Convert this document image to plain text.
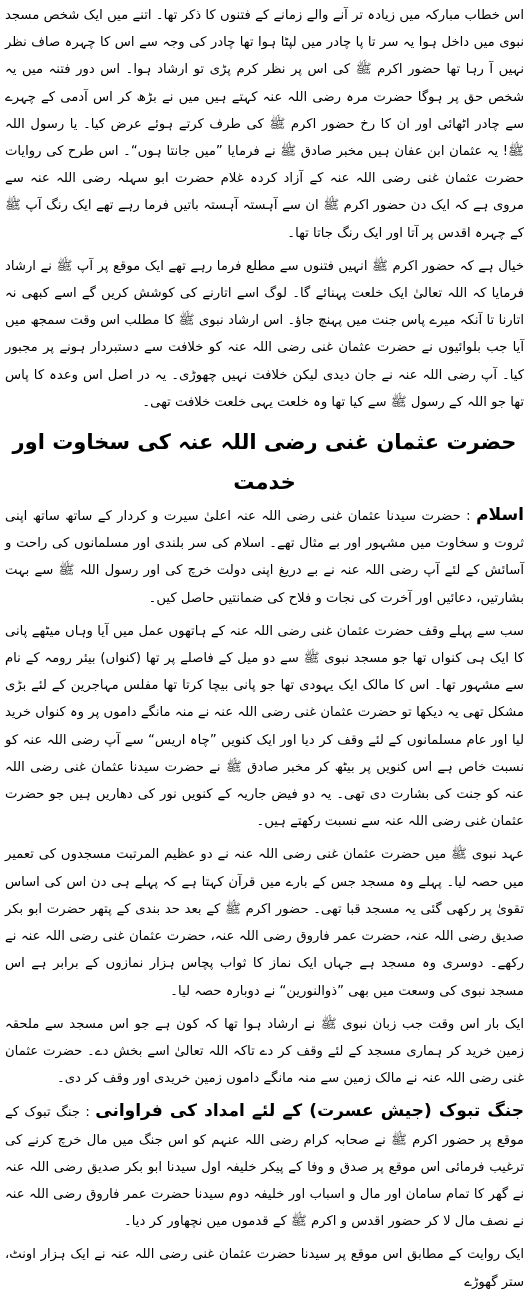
اس خطاب مبارکہ میں زیادہ تر آنے والے زمانے کے فتنوں کا ذکر تھا۔ اتنے میں ایک شخص مسجد نبوی میں داخل ہوا یہ سر تا پا چادر میں لپٹا ہوا تھا چادر کی وجہ سے اس کا چہرہ صاف نظر نہیں آ رہا تھا حضور اکرم ﷺ کی اس پر نظر کرم پڑی تو ارشاد ہوا۔ اس دور فتنہ میں یہ شخص حق پر ہوگا حضرت مرہ رضی اللہ عنہ کہتے ہیں میں نے بڑھ کر اس آدمی کے چہرے سے چادر اٹھائی اور ان کا رخ حضور اکرم ﷺ کی طرف کرتے ہوئے عرض کیا۔ یا رسول اللہ ﷺ! یہ عثمان ابن عفان ہیں مخبر صادق ﷺ نے فرمایا ”میں جانتا ہوں“۔ اس طرح کی روایات حضرت عثمان غنی رضی اللہ عنہ کے آزاد کردہ غلام حضرت ابو سہلہ رضی اللہ عنہ سے مروی ہے کہ ایک دن حضور اکرم ﷺ ان سے آہستہ آہستہ باتیں فرما رہے تھے ایک رنگ آپ ﷺ کے چہرہ اقدس پر آتا اور ایک رنگ جاتا تھا۔

خیال ہے کہ حضور اکرم ﷺ انہیں فتنوں سے مطلع فرما رہے تھے ایک موقع پر آپ ﷺ نے ارشاد فرمایا کہ اللہ تعالیٰ ایک خلعت پہنائے گا۔ لوگ اسے اتارنے کی کوشش کریں گے اسے کبھی نہ اتارنا تا آنکہ میرے پاس جنت میں پہنچ جاؤ۔ اس ارشاد نبوی ﷺ کا مطلب اس وقت سمجھ میں آیا جب بلوائیوں نے حضرت عثمان غنی رضی اللہ عنہ کو خلافت سے دستبردار ہونے پر مجبور کیا۔ آپ رضی اللہ عنہ نے جان دیدی لیکن خلافت نہیں چھوڑی۔ یہ در اصل اس وعدہ کا پاس تھا جو اللہ کے رسول ﷺ سے کیا تھا وہ خلعت یہی خلعت خلافت تھی۔

حضرت عثمان غنی رضی اللہ عنہ کی سخاوت اور خدمت

اسلام : حضرت سیدنا عثمان غنی رضی اللہ عنہ اعلیٰ سیرت و کردار کے ساتھ ساتھ اپنی ثروت و سخاوت میں مشہور اور بے مثال تھے۔ اسلام کی سر بلندی اور مسلمانوں کی راحت و آسائش کے لئے آپ رضی اللہ عنہ نے بے دریغ اپنی دولت خرچ کی اور رسول اللہ ﷺ سے بہت بشارتیں، دعائیں اور آخرت کی نجات و فلاح کی ضمانتیں حاصل کیں۔

سب سے پہلے وقف حضرت عثمان غنی رضی اللہ عنہ کے ہاتھوں عمل میں آیا وہاں میٹھے پانی کا ایک ہی کنواں تھا جو مسجد نبوی ﷺ سے دو میل کے فاصلے پر تھا (کنواں) بیئر رومہ کے نام سے مشہور تھا۔ اس کا مالک ایک یہودی تھا جو پانی بیچا کرتا تھا مفلس مہاجرین کے لئے بڑی مشکل تھی یہ دیکھا تو حضرت عثمان غنی رضی اللہ عنہ نے منہ مانگے داموں پر وہ کنواں خرید لیا اور عام مسلمانوں کے لئے وقف کر دیا اور ایک کنویں ”چاہ اریس“ سے آپ رضی اللہ عنہ کو نسبت خاص ہے اس کنویں پر بیٹھ کر مخبر صادق ﷺ نے حضرت سیدنا عثمان غنی رضی اللہ عنہ کو جنت کی بشارت دی تھی۔ یہ دو فیض جاریہ کے کنویں نور کی دھاریں ہیں جو حضرت عثمان غنی رضی اللہ عنہ سے نسبت رکھتے ہیں۔

عہد نبوی ﷺ میں حضرت عثمان غنی رضی اللہ عنہ نے دو عظیم المرتبت مسجدوں کی تعمیر میں حصہ لیا۔ پہلے وہ مسجد جس کے بارے میں قرآن کہتا ہے کہ پہلے ہی دن اس کی اساس تقویٰ پر رکھی گئی یہ مسجد قبا تھی۔ حضور اکرم ﷺ کے بعد حد بندی کے پتھر حضرت ابو بکر صدیق رضی اللہ عنہ، حضرت عمر فاروق رضی اللہ عنہ، حضرت عثمان غنی رضی اللہ عنہ نے رکھے۔ دوسری وہ مسجد ہے جہاں ایک نماز کا ثواب پچاس ہزار نمازوں کے برابر ہے اس مسجد نبوی کی وسعت میں بھی ”ذوالنورین“ نے دوبارہ حصہ لیا۔

ایک بار اس وقت جب زبان نبوی ﷺ نے ارشاد ہوا تھا کہ کون ہے جو اس مسجد سے ملحقہ زمین خرید کر ہماری مسجد کے لئے وقف کر دے تاکہ اللہ تعالیٰ اسے بخش دے۔ حضرت عثمان غنی رضی اللہ عنہ نے مالک زمین سے منہ مانگے داموں زمین خریدی اور وقف کر دی۔

جنگ تبوک (جیش عسرت) کے لئے امداد کی فراوانی : جنگ تبوک کے موقع پر حضور اکرم ﷺ نے صحابہ کرام رضی اللہ عنہم کو اس جنگ میں مال خرچ کرنے کی ترغیب فرمائی اس موقع پر صدق و وفا کے پیکر خلیفہ اول سیدنا ابو بکر صدیق رضی اللہ عنہ نے گھر کا تمام سامان اور مال و اسباب اور خلیفہ دوم سیدنا حضرت عمر فاروق رضی اللہ عنہ نے نصف مال لا کر حضور اقدس و اکرم ﷺ کے قدموں میں نچھاور کر دیا۔

ایک روایت کے مطابق اس موقع پر سیدنا حضرت عثمان غنی رضی اللہ عنہ نے ایک ہزار اونٹ، ستر گھوڑے
